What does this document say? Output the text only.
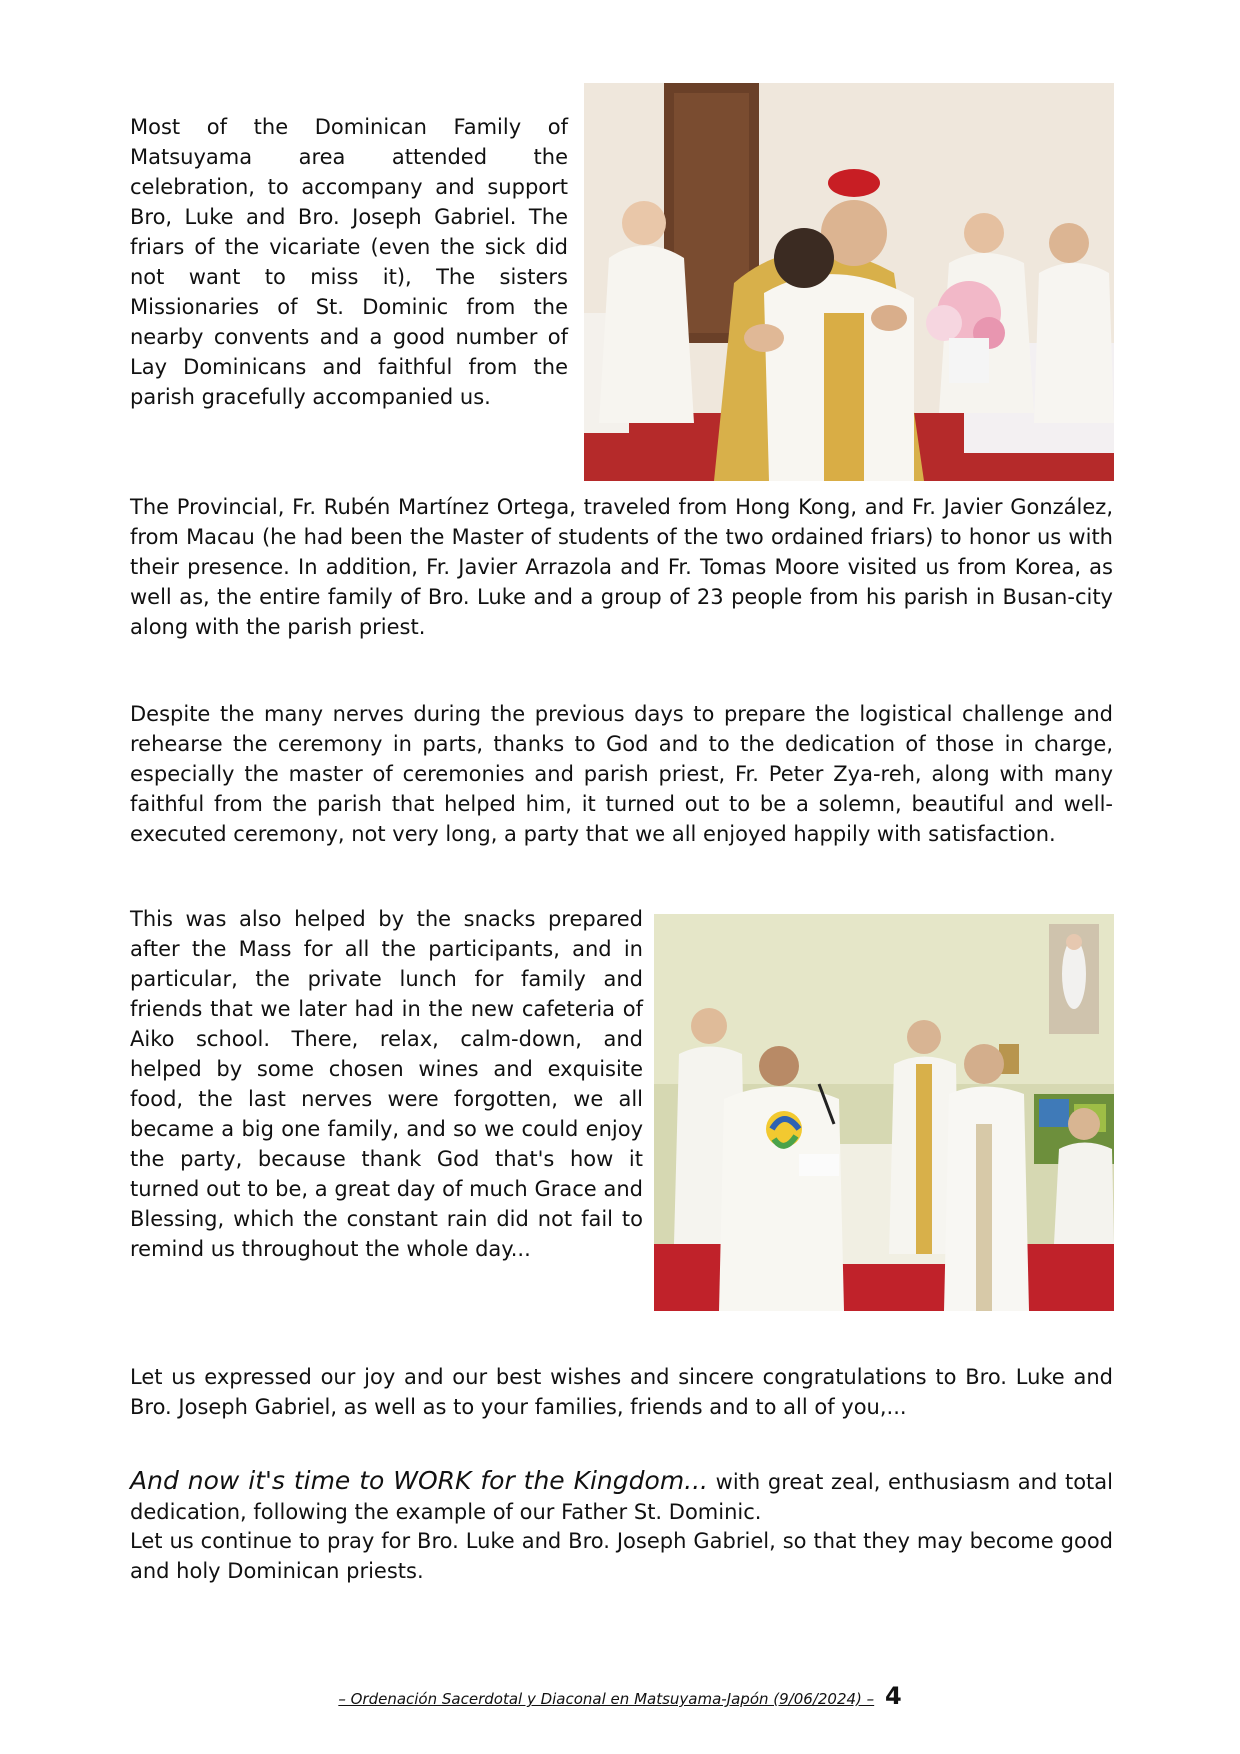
Most of the Dominican Family of Matsuyama area attended the celebration, to accompany and support Bro, Luke and Bro. Joseph Gabriel. The friars of the vicariate (even the sick did not want to miss it), The sisters Missionaries of St. Dominic from the nearby convents and a good number of Lay Dominicans and faithful from the parish gracefully accompanied us.

The Provincial, Fr. Rubén Martínez Ortega, traveled from Hong Kong, and Fr. Javier González, from Macau (he had been the Master of students of the two ordained friars) to honor us with their presence. In addition, Fr. Javier Arrazola and Fr. Tomas Moore visited us from Korea, as well as, the entire family of Bro. Luke and a group of 23 people from his parish in Busan-city along with the parish priest.

Despite the many nerves during the previous days to prepare the logistical challenge and rehearse the ceremony in parts, thanks to God and to the dedication of those in charge, especially the master of ceremonies and parish priest, Fr. Peter Zya-reh, along with many faithful from the parish that helped him, it turned out to be a solemn, beautiful and well-executed ceremony, not very long, a party that we all enjoyed happily with satisfaction.

This was also helped by the snacks prepared after the Mass for all the participants, and in particular, the private lunch for family and friends that we later had in the new cafeteria of Aiko school. There, relax, calm-down, and helped by some chosen wines and exquisite food, the last nerves were forgotten, we all became a big one family, and so we could enjoy the party, because thank God that's how it turned out to be, a great day of much Grace and Blessing, which the constant rain did not fail to remind us throughout the whole day...

Let us expressed our joy and our best wishes and sincere congratulations to Bro. Luke and Bro. Joseph Gabriel, as well as to your families, friends and to all of you,...

And now it's time to WORK for the Kingdom... with great zeal, enthusiasm and total dedication, following the example of our Father St. Dominic.

Let us continue to pray for Bro. Luke and Bro. Joseph Gabriel, so that they may become good and holy Dominican priests.

– Ordenación Sacerdotal y Diaconal en Matsuyama-Japón (9/06/2024) – 4
